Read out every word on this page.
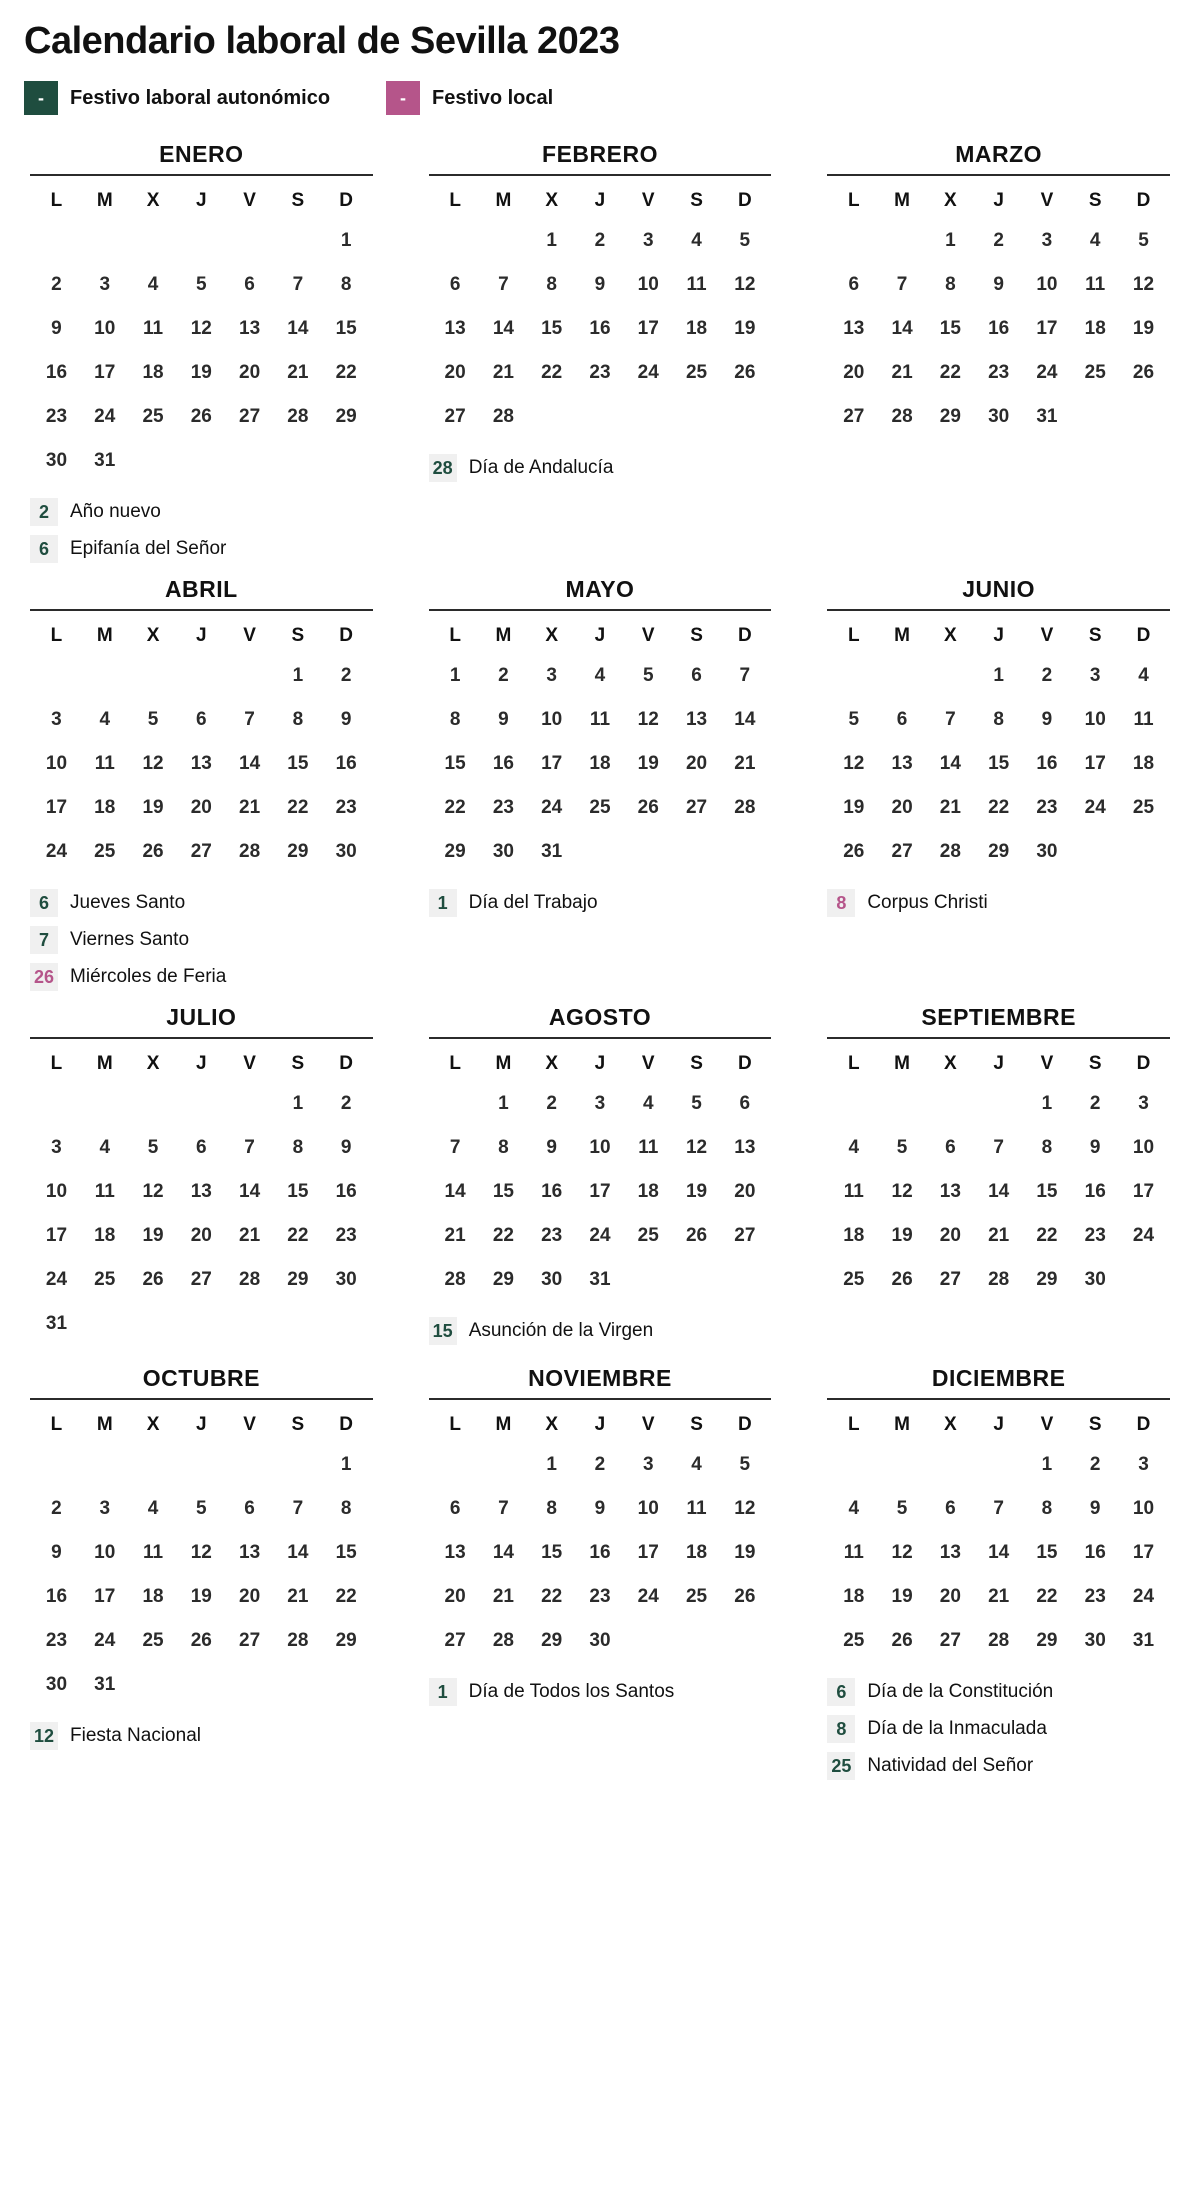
Calendario laboral de Sevilla 2023
-	Festivo laboral autonómico	-	Festivo local
ENERO
L	M	X	J	V	S	D
						1
2	3	4	5	6	7	8
9	10	11	12	13	14	15
16	17	18	19	20	21	22
23	24	25	26	27	28	29
30	31					
2	Año nuevo
6	Epifanía del Señor
FEBRERO
L	M	X	J	V	S	D
		1	2	3	4	5
6	7	8	9	10	11	12
13	14	15	16	17	18	19
20	21	22	23	24	25	26
27	28					
28 Día de Andalucía
MARZO
L	M	X	J	V	S	D
		1	2	3	4	5
6	7	8	9	10	11	12
13	14	15	16	17	18	19
20	21	22	23	24	25	26
27	28	29	30	31		
ABRIL
L	M	X	J	V	S	D
					1	2
3	4	5	6	7	8	9
10	11	12	13	14	15	16
17	18	19	20	21	22	23
24	25	26	27	28	29	30
6	Jueves Santo
7	Viernes Santo
26 Miércoles de Feria
MAYO
L	M	X	J	V	S	D
1	2	3	4	5	6	7
8	9	10	11	12	13	14
15	16	17	18	19	20	21
22	23	24	25	26	27	28
29	30	31				
1	Día del Trabajo
JUNIO
L	M	X	J	V	S	D
			1	2	3	4
5	6	7	8	9	10	11
12	13	14	15	16	17	18
19	20	21	22	23	24	25
26	27	28	29	30		
8	Corpus Christi
JULIO
L	M	X	J	V	S	D
					1	2
3	4	5	6	7	8	9
10	11	12	13	14	15	16
17	18	19	20	21	22	23
24	25	26	27	28	29	30
31						
AGOSTO
L	M	X	J	V	S	D
	1	2	3	4	5	6
7	8	9	10	11	12	13
14	15	16	17	18	19	20
21	22	23	24	25	26	27
28	29	30	31			
15 Asunción de la Virgen
SEPTIEMBRE
L	M	X	J	V	S	D
				1	2	3
4	5	6	7	8	9	10
11	12	13	14	15	16	17
18	19	20	21	22	23	24
25	26	27	28	29	30	
OCTUBRE
L	M	X	J	V	S	D
						1
2	3	4	5	6	7	8
9	10	11	12	13	14	15
16	17	18	19	20	21	22
23	24	25	26	27	28	29
30	31					
12 Fiesta Nacional
NOVIEMBRE
L	M	X	J	V	S	D
		1	2	3	4	5
6	7	8	9	10	11	12
13	14	15	16	17	18	19
20	21	22	23	24	25	26
27	28	29	30			
1	Día de Todos los Santos
DICIEMBRE
L	M	X	J	V	S	D
				1	2	3
4	5	6	7	8	9	10
11	12	13	14	15	16	17
18	19	20	21	22	23	24
25	26	27	28	29	30	31
6	Día de la Constitución
8	Día de la Inmaculada
25 Natividad del Señor
